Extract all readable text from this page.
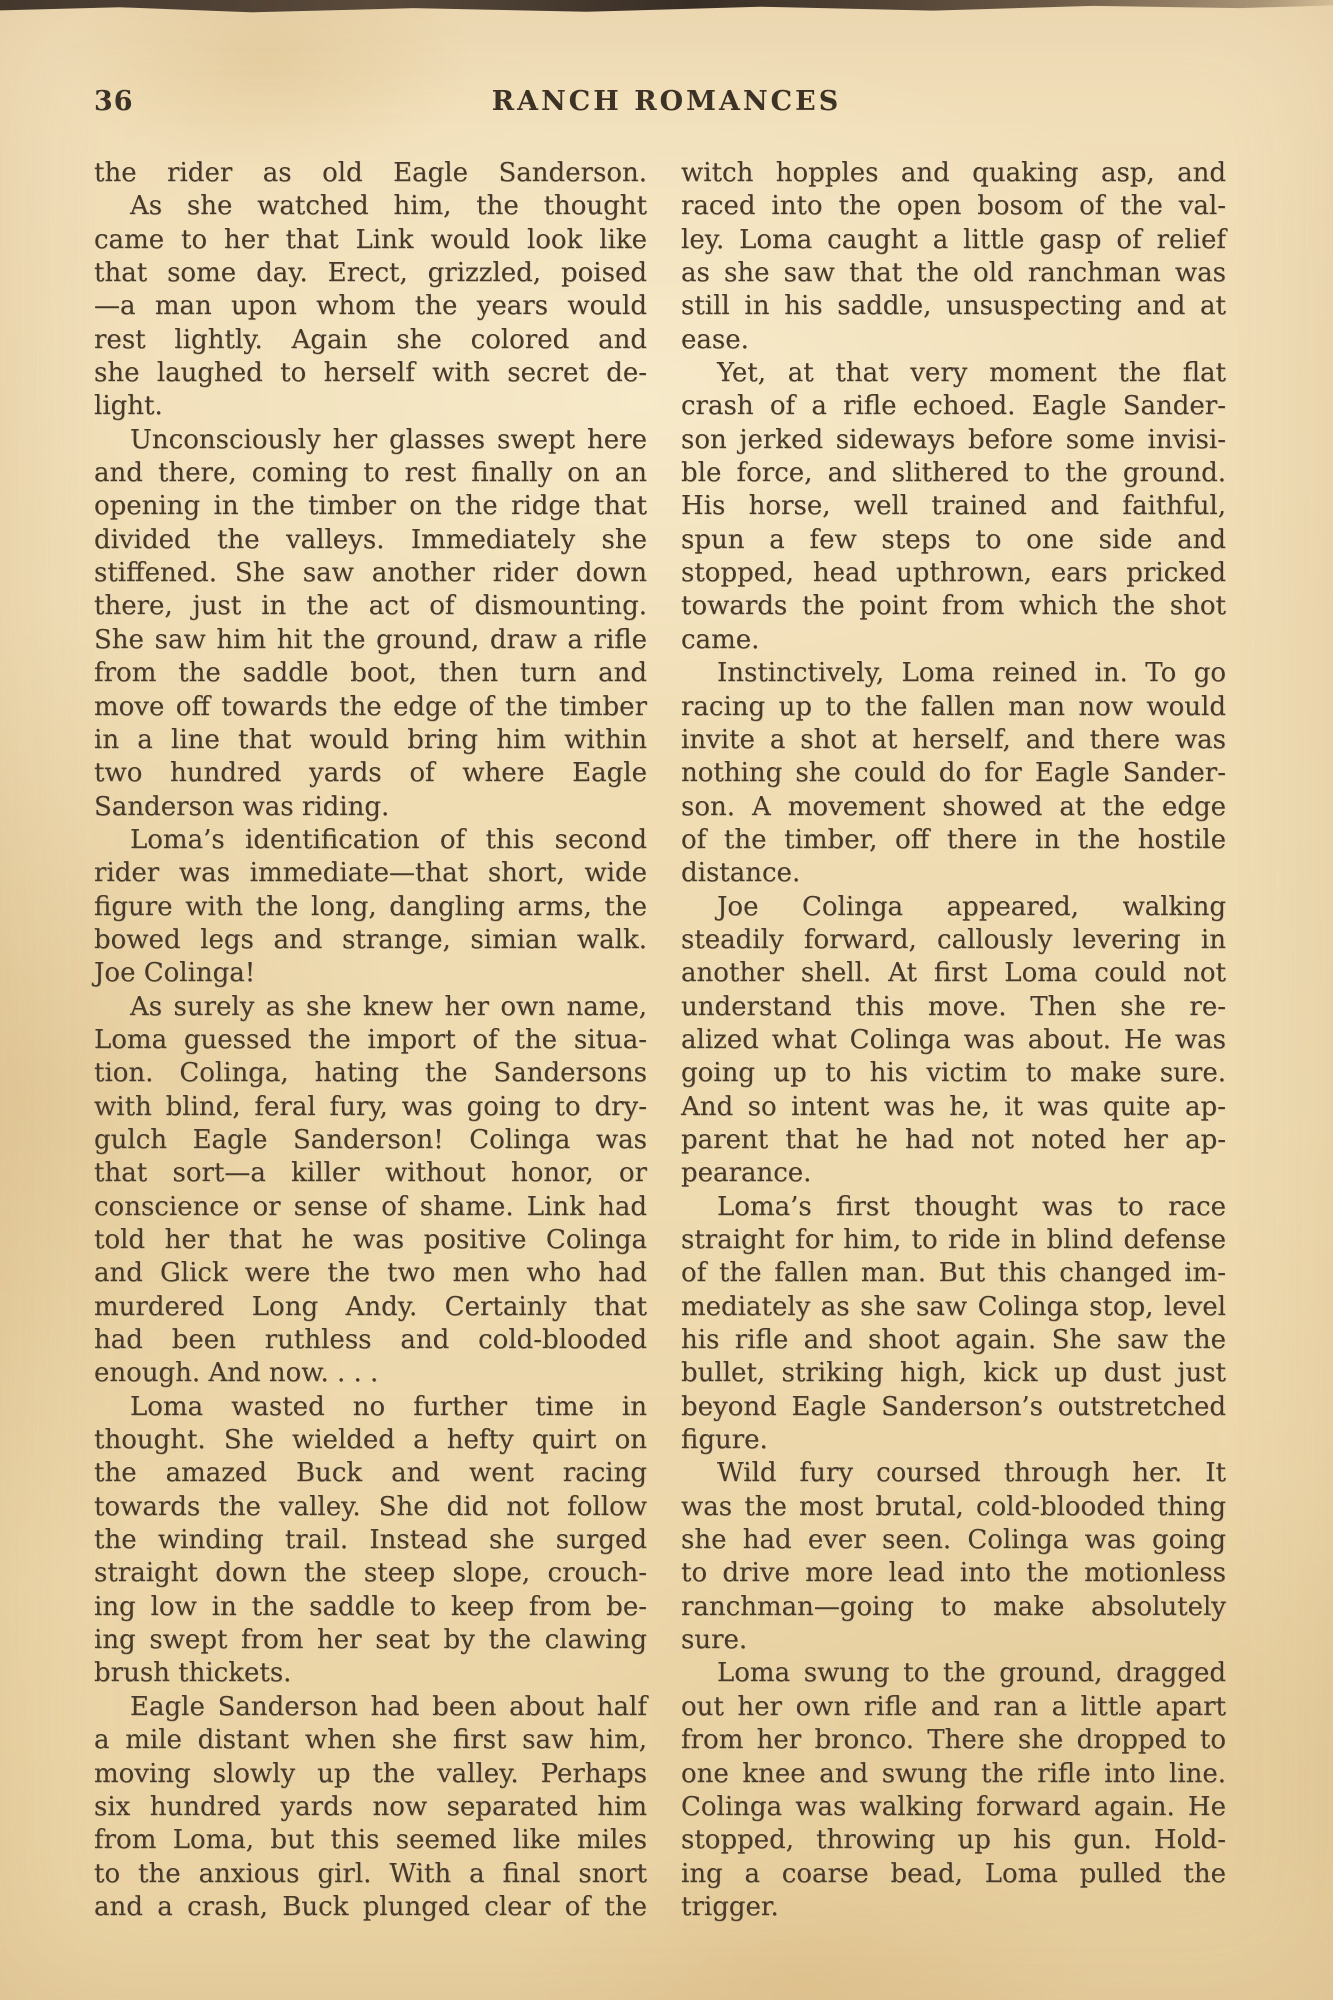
36	RANCH ROMANCES
the rider as old Eagle Sanderson.
As she watched him, the thought
came to her that Link would look like
that some day. Erect, grizzled, poised
—a man upon whom the years would
rest lightly. Again she colored and
she laughed to herself with secret de-
light.
Unconsciously her glasses swept here
and there, coming to rest finally on an
opening in the timber on the ridge that
divided the valleys. Immediately she
stiffened. She saw another rider down
there, just in the act of dismounting.
She saw him hit the ground, draw a rifle
from the saddle boot, then turn and
move off towards the edge of the timber
in a line that would bring him within
two hundred yards of where Eagle
Sanderson was riding.
Loma’s identification of this second
rider was immediate—that short, wide
figure with the long, dangling arms, the
bowed legs and strange, simian walk.
Joe Colinga!
As surely as she knew her own name,
Loma guessed the import of the situa-
tion. Colinga, hating the Sandersons
with blind, feral fury, was going to dry-
gulch Eagle Sanderson! Colinga was
that sort—a killer without honor, or
conscience or sense of shame. Link had
told her that he was positive Colinga
and Glick were the two men who had
murdered Long Andy. Certainly that
had been ruthless and cold-blooded
enough. And now. . . .
Loma wasted no further time in
thought. She wielded a hefty quirt on
the amazed Buck and went racing
towards the valley. She did not follow
the winding trail. Instead she surged
straight down the steep slope, crouch-
ing low in the saddle to keep from be-
ing swept from her seat by the clawing
brush thickets.
Eagle Sanderson had been about half
a mile distant when she first saw him,
moving slowly up the valley. Perhaps
six hundred yards now separated him
from Loma, but this seemed like miles
to the anxious girl. With a final snort
and a crash, Buck plunged clear of the
witch hopples and quaking asp, and
raced into the open bosom of the val-
ley. Loma caught a little gasp of relief
as she saw that the old ranchman was
still in his saddle, unsuspecting and at
ease.
Yet, at that very moment the flat
crash of a rifle echoed. Eagle Sander-
son jerked sideways before some invisi-
ble force, and slithered to the ground.
His horse, well trained and faithful,
spun a few steps to one side and
stopped, head upthrown, ears pricked
towards the point from which the shot
came.
Instinctively, Loma reined in. To go
racing up to the fallen man now would
invite a shot at herself, and there was
nothing she could do for Eagle Sander-
son. A movement showed at the edge
of the timber, off there in the hostile
distance.
Joe Colinga appeared, walking
steadily forward, callously levering in
another shell. At first Loma could not
understand this move. Then she re-
alized what Colinga was about. He was
going up to his victim to make sure.
And so intent was he, it was quite ap-
parent that he had not noted her ap-
pearance.
Loma’s first thought was to race
straight for him, to ride in blind defense
of the fallen man. But this changed im-
mediately as she saw Colinga stop, level
his rifle and shoot again. She saw the
bullet, striking high, kick up dust just
beyond Eagle Sanderson’s outstretched
figure.
Wild fury coursed through her. It
was the most brutal, cold-blooded thing
she had ever seen. Colinga was going
to drive more lead into the motionless
ranchman—going to make absolutely
sure.
Loma swung to the ground, dragged
out her own rifle and ran a little apart
from her bronco. There she dropped to
one knee and swung the rifle into line.
Colinga was walking forward again. He
stopped, throwing up his gun. Hold-
ing a coarse bead, Loma pulled the
trigger.
